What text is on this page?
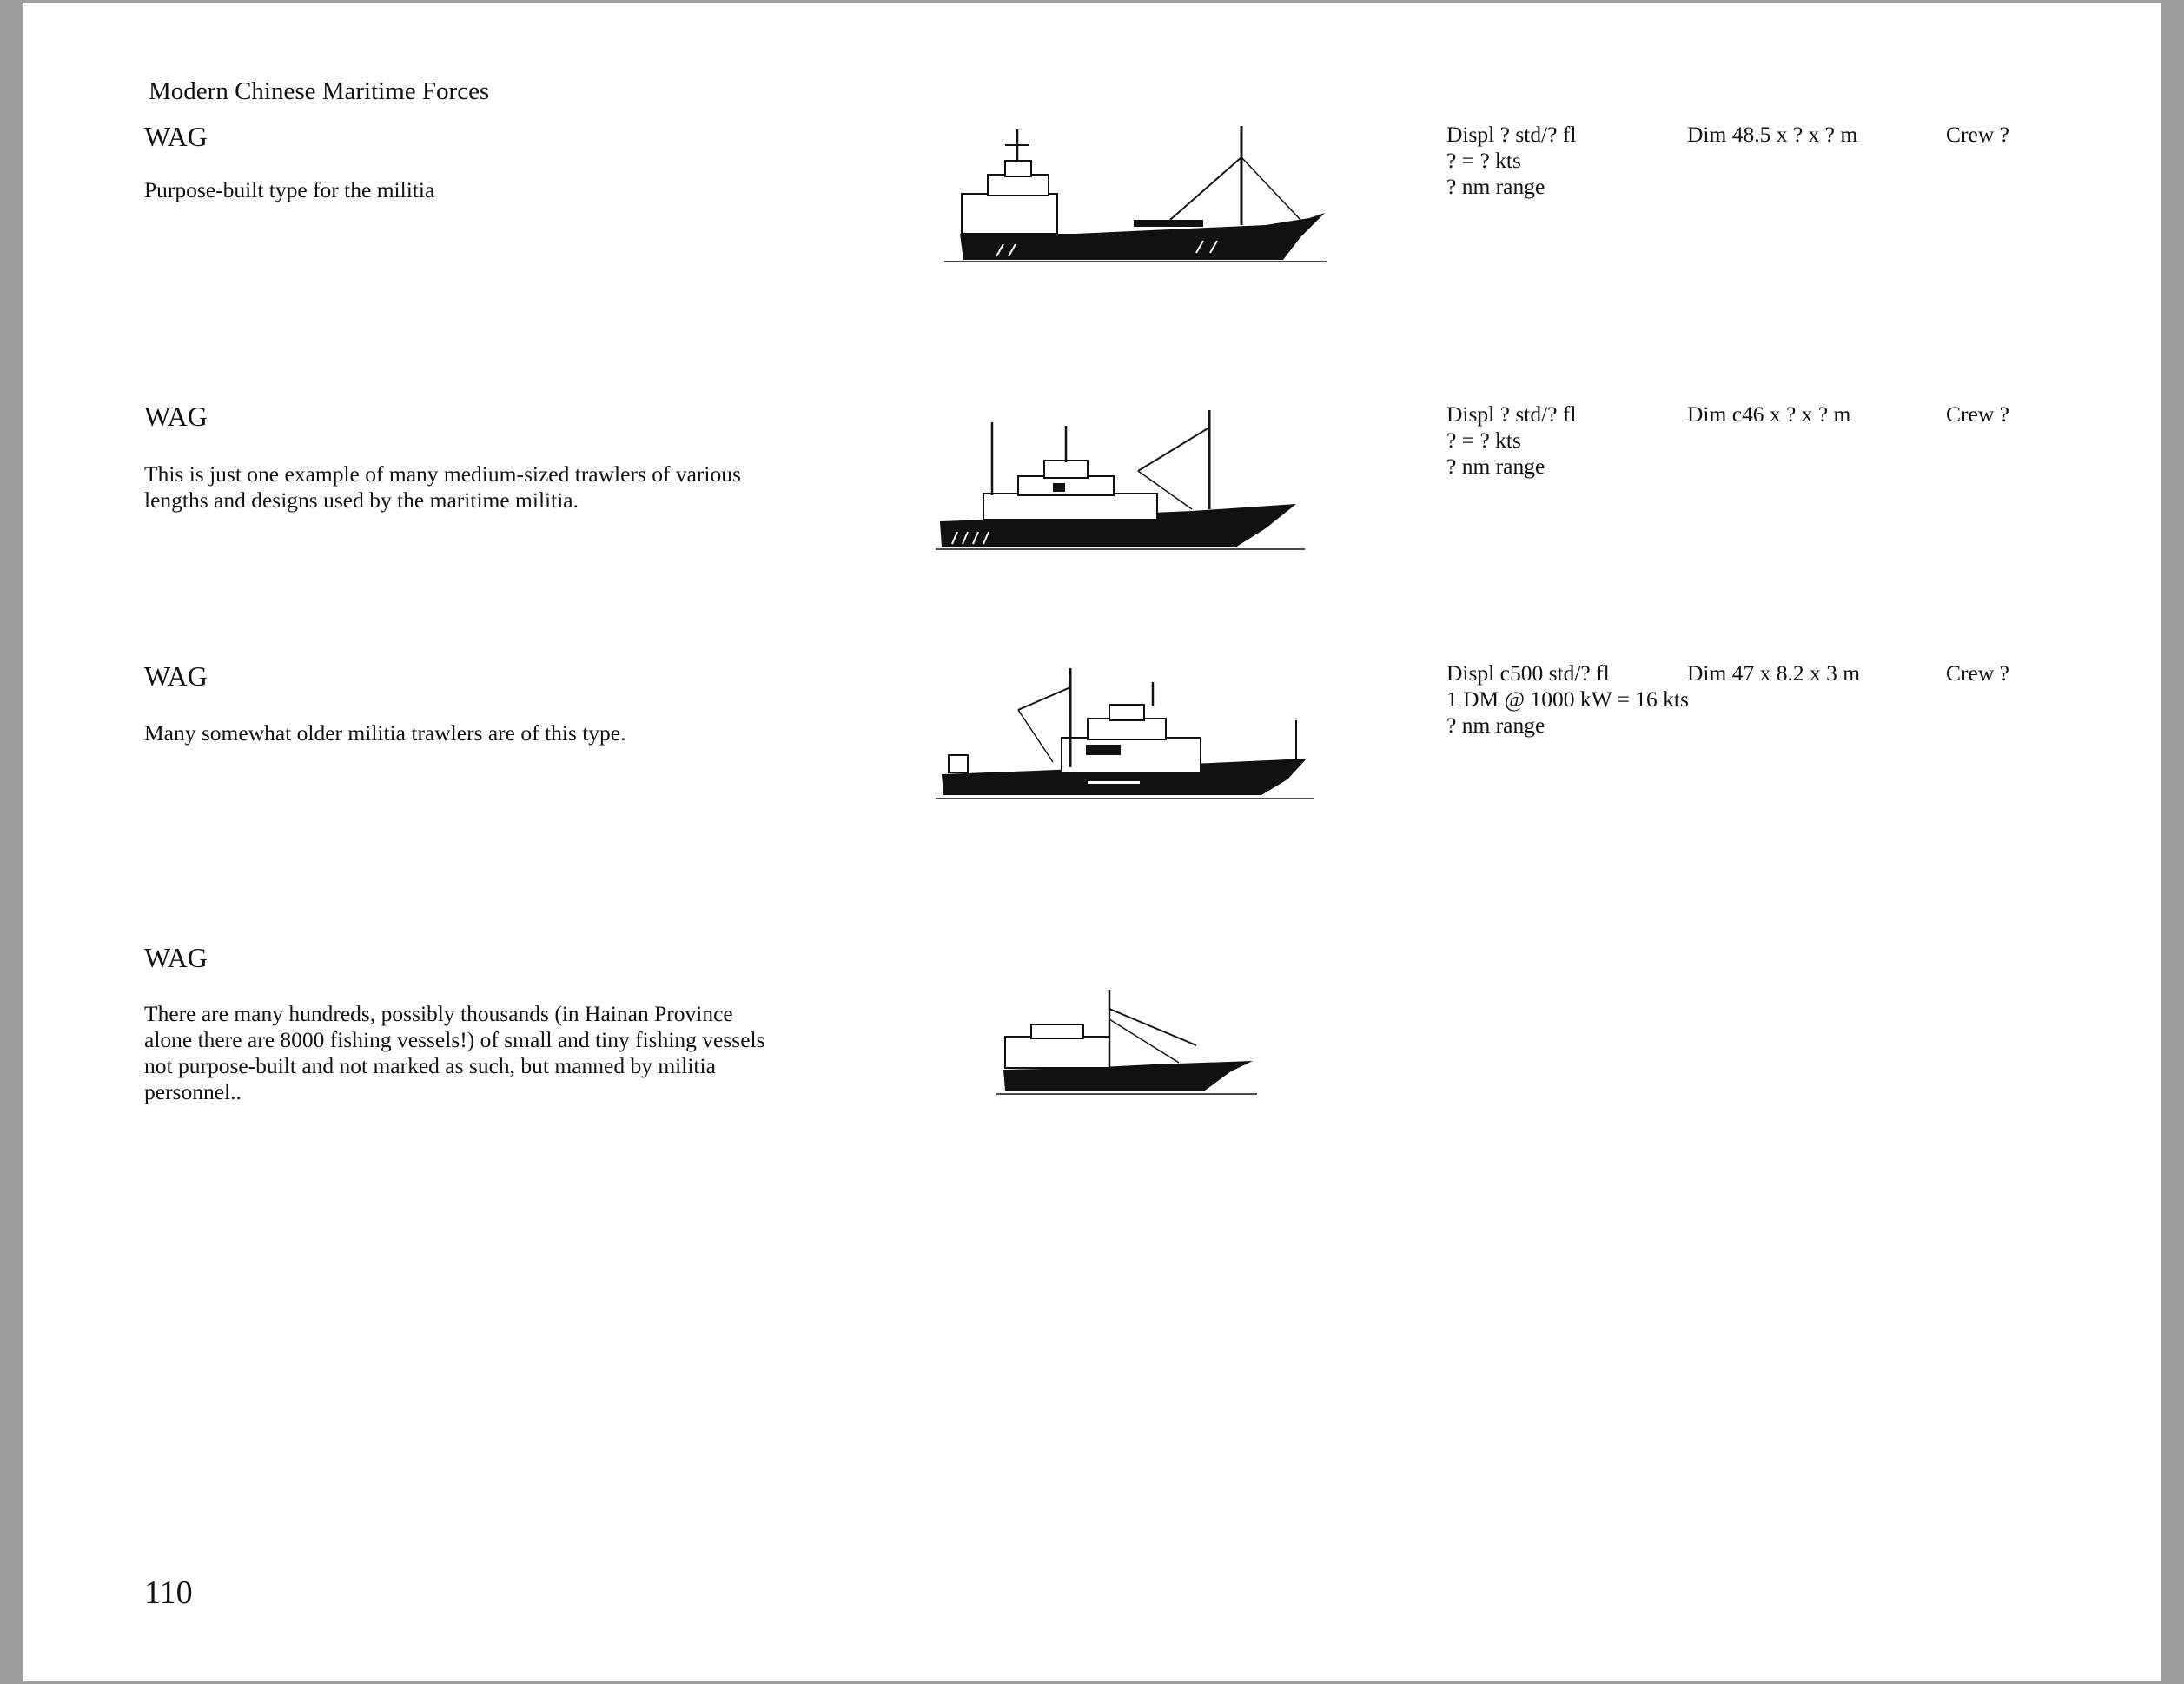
Modern Chinese Maritime Forces
WAG

Purpose-built type for the militia

Displ ? std/? fl
? = ? kts
? nm range
Dim 48.5 x ? x ? m	Crew ?
WAG

This is just one example of many medium-sized trawlers of various lengths and designs used by the maritime militia.

Displ ? std/? fl
? = ? kts
? nm range
Dim c46 x ? x ? m	Crew ?
WAG

Many somewhat older militia trawlers are of this type.

Displ c500 std/? fl
1 DM @ 1000 kW = 16 kts
? nm range
Dim 47 x 8.2 x 3 m	Crew ?
WAG

There are many hundreds, possibly thousands (in Hainan Province alone there are 8000 fishing vessels!) of small and tiny fishing vessels not purpose-built and not marked as such, but manned by militia personnel..

110
